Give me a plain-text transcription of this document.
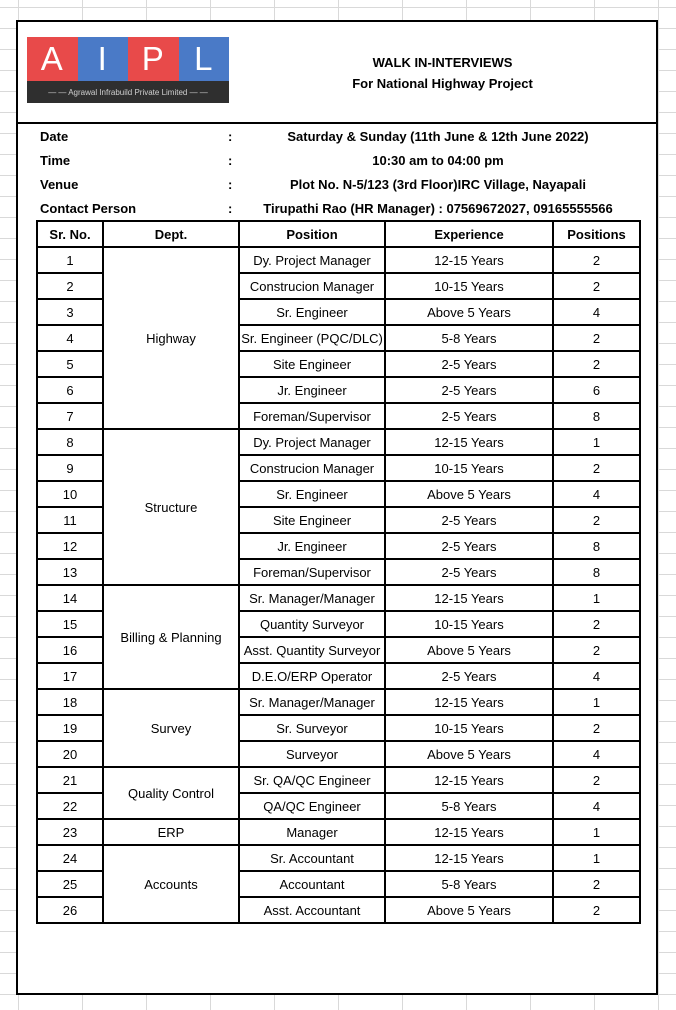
A	I	P L
— — Agrawal Infrabuild Private Limited — —
WALK IN-INTERVIEWS
For National Highway Project
Date	:	Saturday & Sunday (11th June & 12th June 2022)
Time	:	10:30 am to 04:00 pm
Venue	:	Plot No. N-5/123 (3rd Floor)IRC Village, Nayapali
Contact Person	:	Tirupathi Rao (HR Manager) : 07569672027, 09165555566
Sr. No.	Dept.	Position	Experience	Positions
1	Highway	Dy. Project Manager	12-15 Years	2
2		Construcion Manager	10-15 Years	2
3		Sr. Engineer	Above 5 Years	4
4		Sr. Engineer (PQC/DLC)	5-8 Years	2
5		Site Engineer	2-5 Years	2
6		Jr. Engineer	2-5 Years	6
7		Foreman/Supervisor	2-5 Years	8
8	Structure	Dy. Project Manager	12-15 Years	1
9		Construcion Manager	10-15 Years	2
10		Sr. Engineer	Above 5 Years	4
11		Site Engineer	2-5 Years	2
12		Jr. Engineer	2-5 Years	8
13		Foreman/Supervisor	2-5 Years	8
14	Billing & Planning	Sr. Manager/Manager	12-15 Years	1
15		Quantity Surveyor	10-15 Years	2
16		Asst. Quantity Surveyor	Above 5 Years	2
17		D.E.O/ERP Operator	2-5 Years	4
18	Survey	Sr. Manager/Manager	12-15 Years	1
19		Sr. Surveyor	10-15 Years	2
20		Surveyor	Above 5 Years	4
21	Quality Control	Sr. QA/QC Engineer	12-15 Years	2
22		QA/QC Engineer	5-8 Years	4
23	ERP	Manager	12-15 Years	1
24	Accounts	Sr. Accountant	12-15 Years	1
25		Accountant	5-8 Years	2
26		Asst. Accountant	Above 5 Years	2
